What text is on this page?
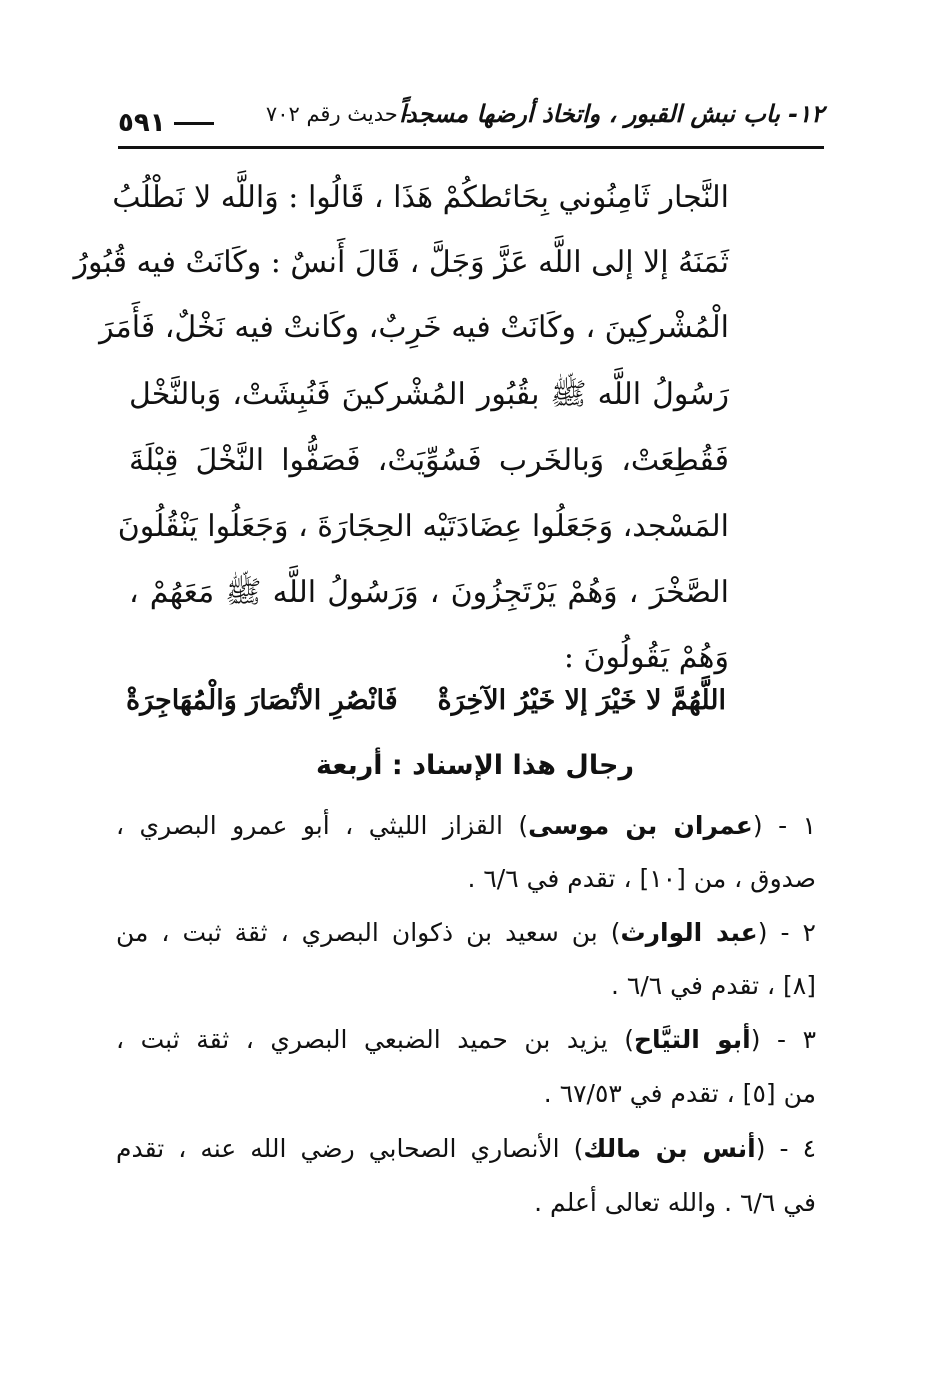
١٢- باب نبش القبور ، واتخاذ أرضها مسجداً
- حديث رقم ٧٠٢
٥٩١
النَّجار ثَامِنُوني بِحَائطكُمْ هَذَا ، قَالُوا : وَاللَّه لا نَطْلُبُ
ثَمَنَهُ إلا إلى اللَّه عَزَّ وَجَلَّ ، قَالَ أَنسٌ : وكَانَتْ فيه قُبُورُ
الْمُشْركِينَ ، وكَانَتْ فيه خَرِبٌ، وكَانتْ فيه نَخْلٌ، فَأَمَرَ
رَسُولُ اللَّه ﷺ بقُبُور المُشْركينَ فَنُبِشَتْ، وَبالنَّخْل
فَقُطِعَتْ، وَبالخَرب فَسُوِّيَتْ، فَصَفُّوا النَّخْلَ قِبْلَةَ
المَسْجد، وَجَعَلُوا عِضَادَتَيْه الحِجَارَةَ ، وَجَعَلُوا يَنْقُلُونَ
الصَّخْرَ ، وَهُمْ يَرْتَجِزُونَ ، وَرَسُولُ اللَّه ﷺ مَعَهُمْ ،
وَهُمْ يَقُولُونَ :
اللَّهُمَّ لا خَيْرَ إلا خَيْرُ الآخِرَةْ
فَانْصُرِ الأنْصَارَ وَالْمُهَاجِرَةْ
رجال هذا الإسناد : أربعة
١ - (عمران بن موسى) القزاز الليثي ، أبو عمرو البصري ،
صدوق ، من [١٠] ، تقدم في ٦/٦ .
٢ - (عبد الوارث) بن سعيد بن ذكوان البصري ، ثقة ثبت ، من
[٨] ، تقدم في ٦/٦ .
٣ - (أبو التيَّاح) يزيد بن حميد الضبعي البصري ، ثقة ثبت ،
من [٥] ، تقدم في ٦٧/٥٣ .
٤ - (أنس بن مالك) الأنصاري الصحابي رضي الله عنه ، تقدم
في ٦/٦ . والله تعالى أعلم .
